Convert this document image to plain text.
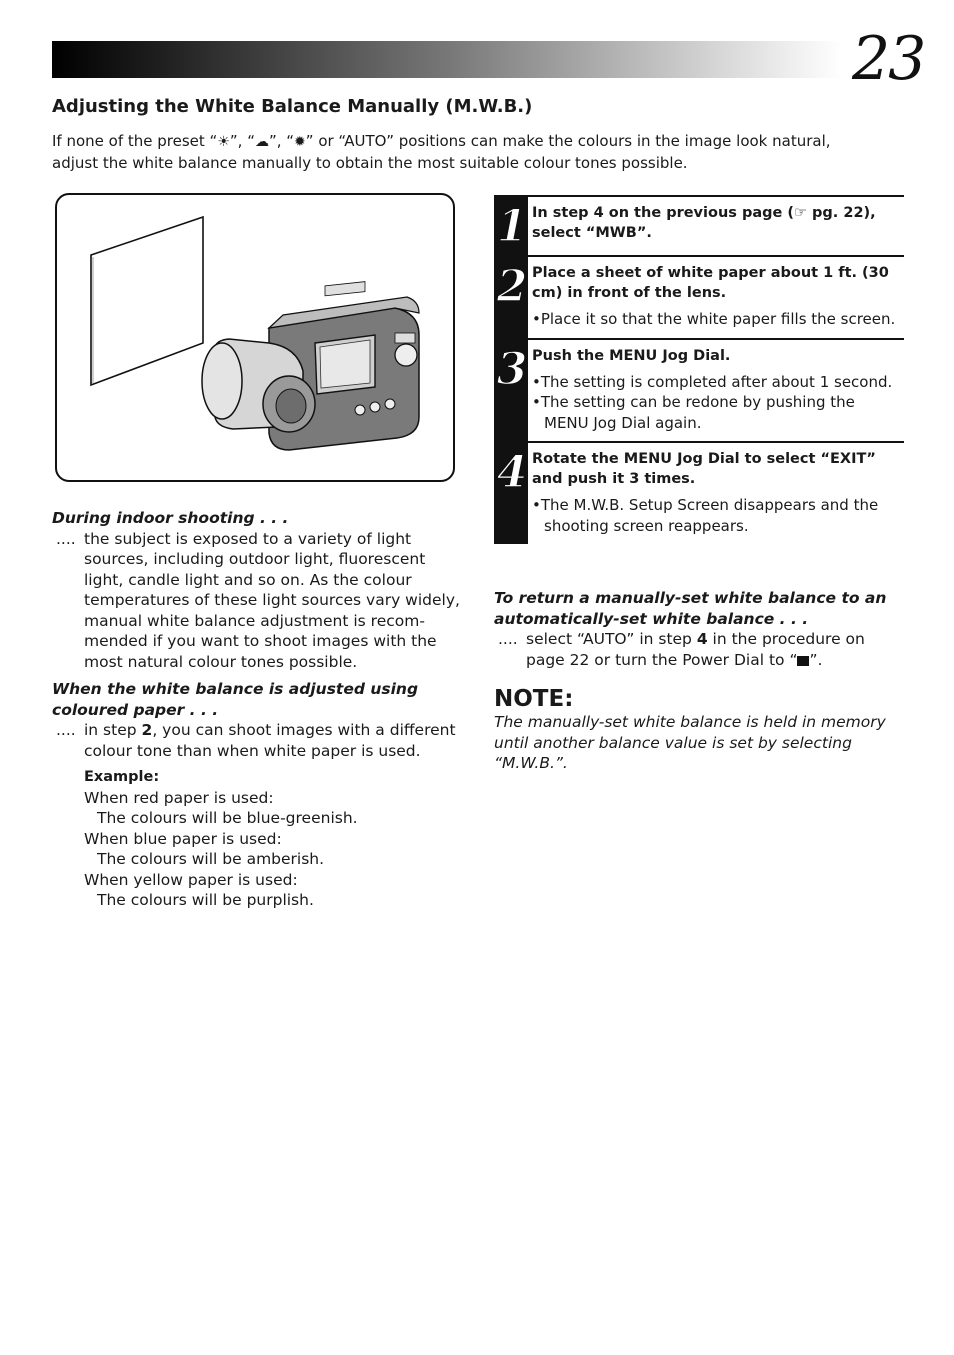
23
Adjusting the White Balance Manually (M.W.B.)
If none of the preset “☀”, “☁”, “✹” or “AUTO” positions can make the colours in the image look natural,
adjust the white balance manually to obtain the most suitable colour tones possible.
During indoor shooting . . .
.... the subject is exposed to a variety of light sources, including outdoor light, fluorescent light, candle light and so on. As the colour temperatures of these light sources vary widely, manual white balance adjustment is recom-mended if you want to shoot images with the most natural colour tones possible.
When the white balance is adjusted using coloured paper . . .
.... in step 2, you can shoot images with a different colour tone than when white paper is used.
Example:
When red paper is used:
The colours will be blue-greenish.
When blue paper is used:
The colours will be amberish.
When yellow paper is used:
The colours will be purplish.
1 In step 4 on the previous page (☞ pg. 22), select “MWB”.
2 Place a sheet of white paper about 1 ft. (30 cm) in front of the lens.
•Place it so that the white paper fills the screen.
3 Push the MENU Jog Dial.
•The setting is completed after about 1 second.
•The setting can be redone by pushing the MENU Jog Dial again.
4 Rotate the MENU Jog Dial to select “EXIT” and push it 3 times.
•The M.W.B. Setup Screen disappears and the shooting screen reappears.
To return a manually-set white balance to an automatically-set white balance . . .
.... select “AUTO” in step 4 in the procedure on page 22 or turn the Power Dial to “ ”.
NOTE:
The manually-set white balance is held in memory until another balance value is set by selecting “M.W.B.”.
